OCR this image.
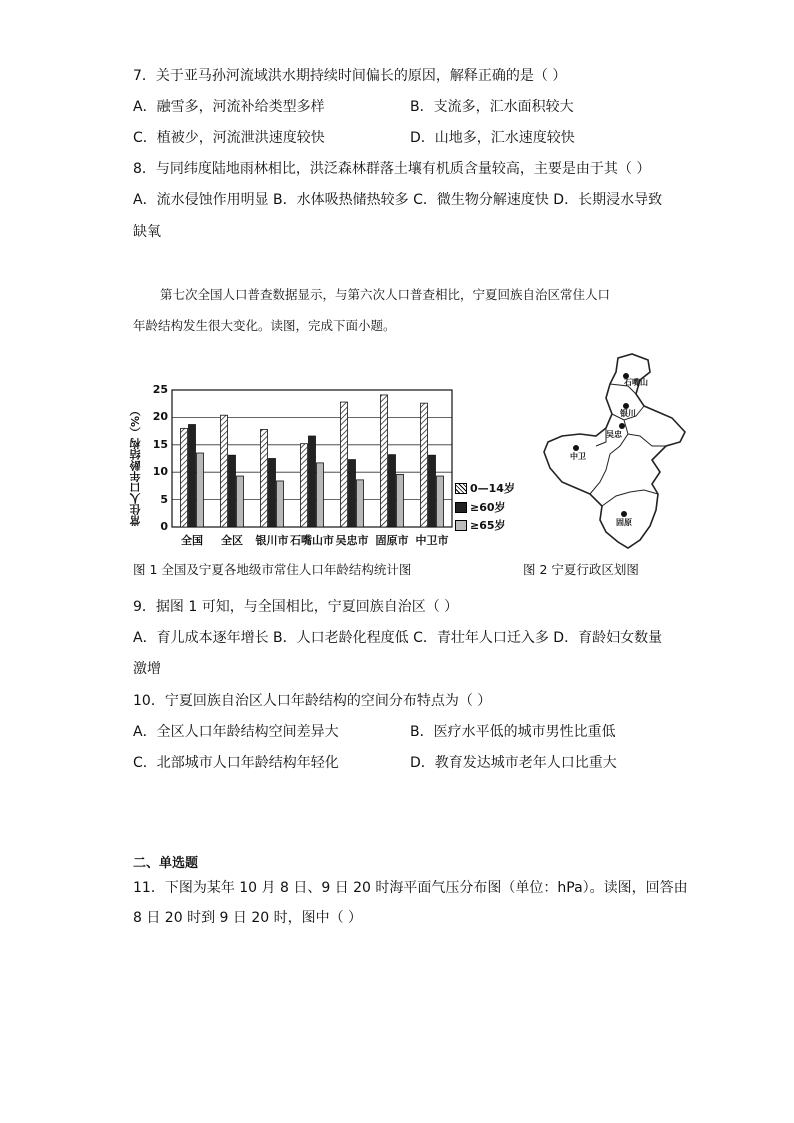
7．关于亚马孙河流域洪水期持续时间偏长的原因，解释正确的是（ ）
A．融雪多，河流补给类型多样	B．支流多，汇水面积较大
C．植被少，河流泄洪速度较快	D．山地多，汇水速度较快
8．与同纬度陆地雨林相比，洪泛森林群落土壤有机质含量较高，主要是由于其（ ）
A．流水侵蚀作用明显 B．水体吸热储热较多 C．微生物分解速度快 D．长期浸水导致
缺氧
第七次全国人口普查数据显示，与第六次人口普查相比，宁夏回族自治区常住人口
年龄结构发生很大变化。读图，完成下面小题。
常住人口年龄结构（%）
0
5
10
15
20
25
全国	全区	银川市 石嘴山市 吴忠市 固原市 中卫市
0—14岁
≥60岁
≥65岁
石嘴山
银川
吴忠
中卫
固原
图 1 全国及宁夏各地级市常住人口年龄结构统计图	图 2 宁夏行政区划图
9．据图 1 可知，与全国相比，宁夏回族自治区（ ）
A．育儿成本逐年增长 B．人口老龄化程度低 C．青壮年人口迁入多 D．育龄妇女数量
激增
10．宁夏回族自治区人口年龄结构的空间分布特点为（ ）
A．全区人口年龄结构空间差异大	B．医疗水平低的城市男性比重低
C．北部城市人口年龄结构年轻化	D．教育发达城市老年人口比重大
二、单选题
11．下图为某年 10 月 8 日、9 日 20 时海平面气压分布图（单位：hPa）。读图，回答由
8 日 20 时到 9 日 20 时，图中（ ）
